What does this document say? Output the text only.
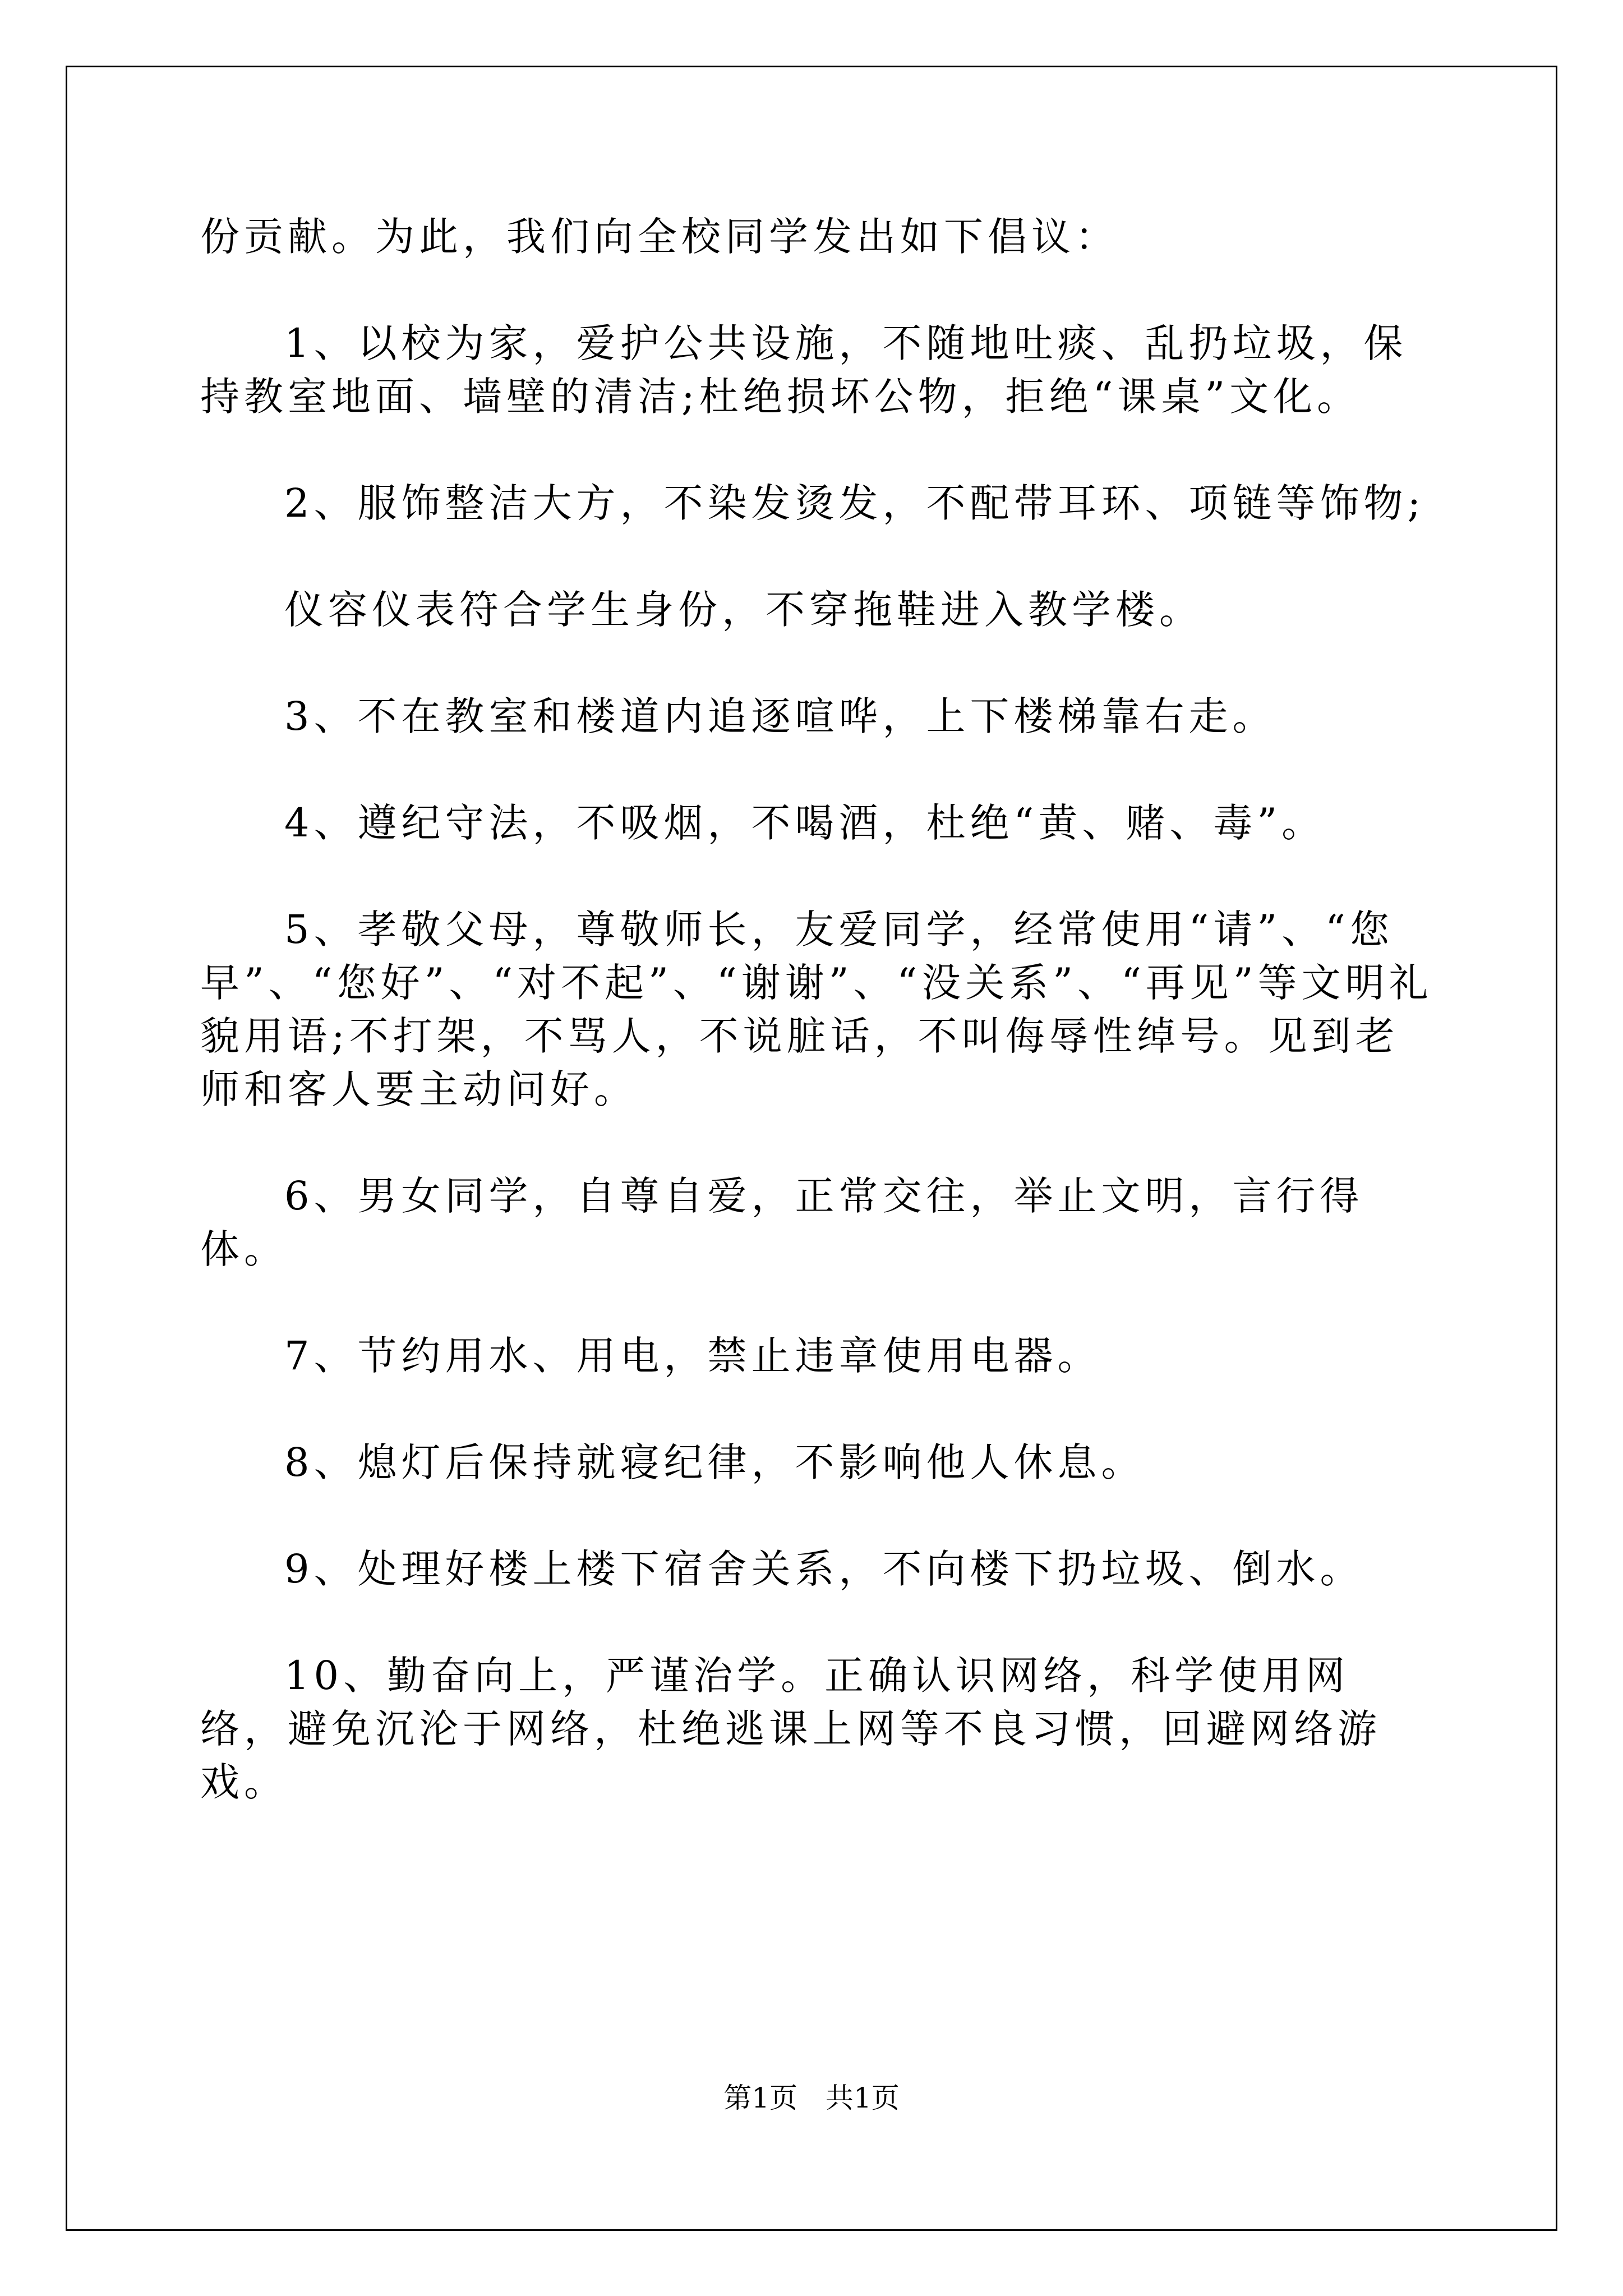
份贡献。为此，我们向全校同学发出如下倡议：

1、以校为家，爱护公共设施，不随地吐痰、乱扔垃圾，保持教室地面、墙壁的清洁;杜绝损坏公物，拒绝“课桌”文化。

2、服饰整洁大方，不染发烫发，不配带耳环、项链等饰物;

仪容仪表符合学生身份，不穿拖鞋进入教学楼。

3、不在教室和楼道内追逐喧哗，上下楼梯靠右走。

4、遵纪守法，不吸烟，不喝酒，杜绝“黄、赌、毒”。

5、孝敬父母，尊敬师长，友爱同学，经常使用“请”、“您早”、“您好”、“对不起”、“谢谢”、“没关系”、“再见”等文明礼貌用语;不打架，不骂人，不说脏话，不叫侮辱性绰号。见到老师和客人要主动问好。

6、男女同学，自尊自爱，正常交往，举止文明，言行得体。

7、节约用水、用电，禁止违章使用电器。

8、熄灯后保持就寝纪律，不影响他人休息。

9、处理好楼上楼下宿舍关系，不向楼下扔垃圾、倒水。

10、勤奋向上，严谨治学。正确认识网络，科学使用网络，避免沉沦于网络，杜绝逃课上网等不良习惯，回避网络游戏。

第1页　共1页
